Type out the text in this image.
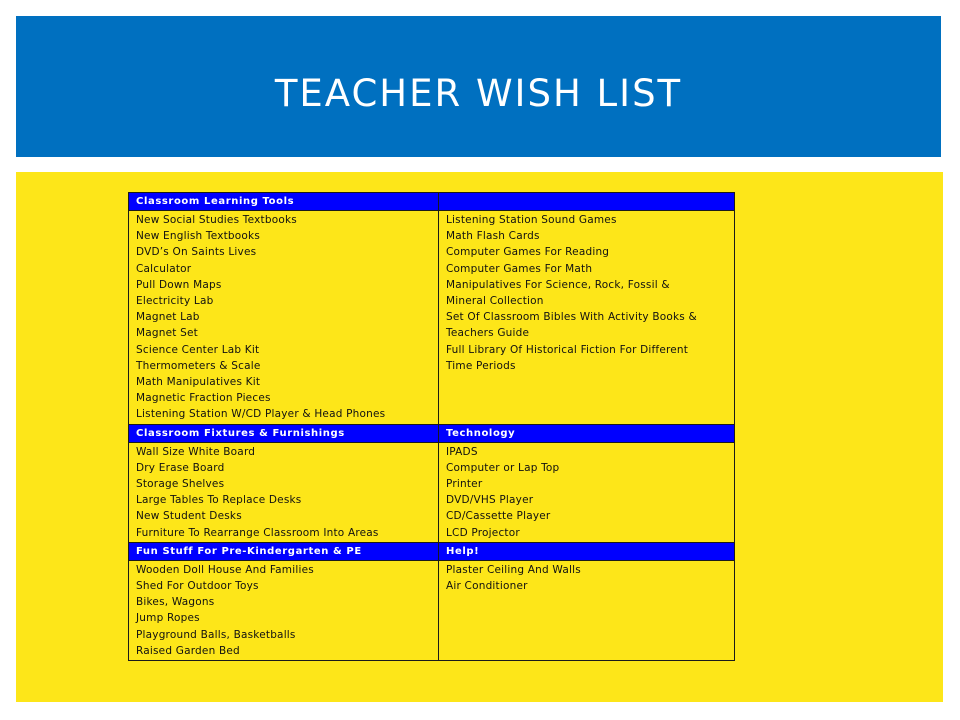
TEACHER WISH LIST
Classroom Learning Tools
New Social Studies Textbooks
New English Textbooks
DVD’s On Saints Lives
Calculator
Pull Down Maps
Electricity Lab
Magnet Lab
Magnet Set
Science Center Lab Kit
Thermometers & Scale
Math Manipulatives Kit
Magnetic Fraction Pieces
Listening Station W/CD Player & Head Phones
Listening Station Sound Games
Math Flash Cards
Computer Games For Reading
Computer Games For Math
Manipulatives For Science, Rock, Fossil &
Mineral Collection
Set Of Classroom Bibles With Activity Books &
Teachers Guide
Full Library Of Historical Fiction For Different
Time Periods
Classroom Fixtures & Furnishings	Technology
Wall Size White Board
Dry Erase Board
Storage Shelves
Large Tables To Replace Desks
New Student Desks
Furniture To Rearrange Classroom Into Areas
IPADS
Computer or Lap Top
Printer
DVD/VHS Player
CD/Cassette Player
LCD Projector
Fun Stuff For Pre-Kindergarten & PE	Help!
Wooden Doll House And Families
Shed For Outdoor Toys
Bikes, Wagons
Jump Ropes
Playground Balls, Basketballs
Raised Garden Bed
Plaster Ceiling And Walls
Air Conditioner
